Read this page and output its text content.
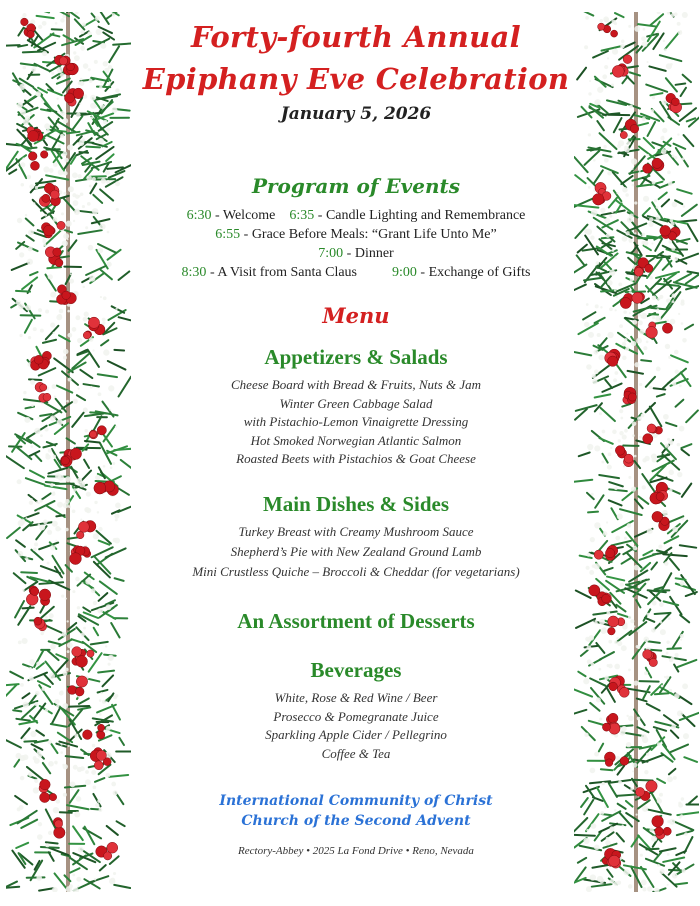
Forty-fourth Annual
Epiphany Eve Celebration
January 5, 2026
Program of Events
6:30 - Welcome 6:35 - Candle Lighting and Remembrance
6:55 - Grace Before Meals: “Grant Life Unto Me”
7:00 - Dinner
8:30 - A Visit from Santa Claus	9:00 - Exchange of Gifts
Menu
Appetizers & Salads
Cheese Board with Bread & Fruits, Nuts & Jam
Winter Green Cabbage Salad
with Pistachio-Lemon Vinaigrette Dressing
Hot Smoked Norwegian Atlantic Salmon
Roasted Beets with Pistachios & Goat Cheese
Main Dishes & Sides
Turkey Breast with Creamy Mushroom Sauce
Shepherd’s Pie with New Zealand Ground Lamb
Mini Crustless Quiche – Broccoli & Cheddar (for vegetarians)
An Assortment of Desserts
Beverages
White, Rose & Red Wine / Beer
Prosecco & Pomegranate Juice
Sparkling Apple Cider / Pellegrino
Coffee & Tea
International Community of Christ
Church of the Second Advent
Rectory-Abbey • 2025 La Fond Drive • Reno, Nevada
